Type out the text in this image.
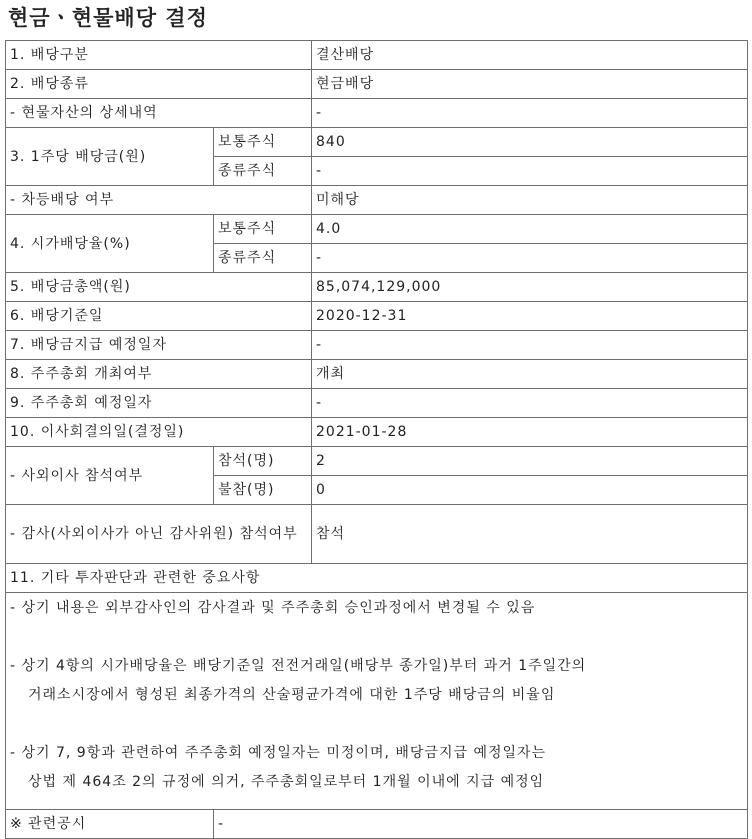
현금ㆍ현물배당 결정
1. 배당구분		결산배당
2. 배당종류		현금배당
- 현물자산의 상세내역		-
3. 1주당 배당금(원)	보통주식	840
	종류주식	-
- 차등배당 여부		미해당
4. 시가배당율(%)	보통주식	4.0
	종류주식	-
5. 배당금총액(원)		85,074,129,000
6. 배당기준일		2020-12-31
7. 배당금지급 예정일자		-
8. 주주총회 개최여부		개최
9. 주주총회 예정일자		-
10. 이사회결의일(결정일)		2021-01-28
- 사외이사 참석여부	참석(명)	2
	불참(명)	0
- 감사(사외이사가 아닌 감사위원) 참석여부		참석
11. 기타 투자판단과 관련한 중요사항		

- 상기 내용은 외부감사인의 감사결과 및 주주총회 승인과정에서 변경될 수 있음
- 상기 4항의 시가배당율은 배당기준일 전전거래일(배당부 종가일)부터 과거 1주일간의
거래소시장에서 형성된 최종가격의 산술평균가격에 대한 1주당 배당금의 비율임
- 상기 7, 9항과 관련하여 주주총회 예정일자는 미정이며, 배당금지급 예정일자는
상법 제 464조 2의 규정에 의거, 주주총회일로부터 1개월 이내에 지급 예정임		

※ 관련공시	-	
